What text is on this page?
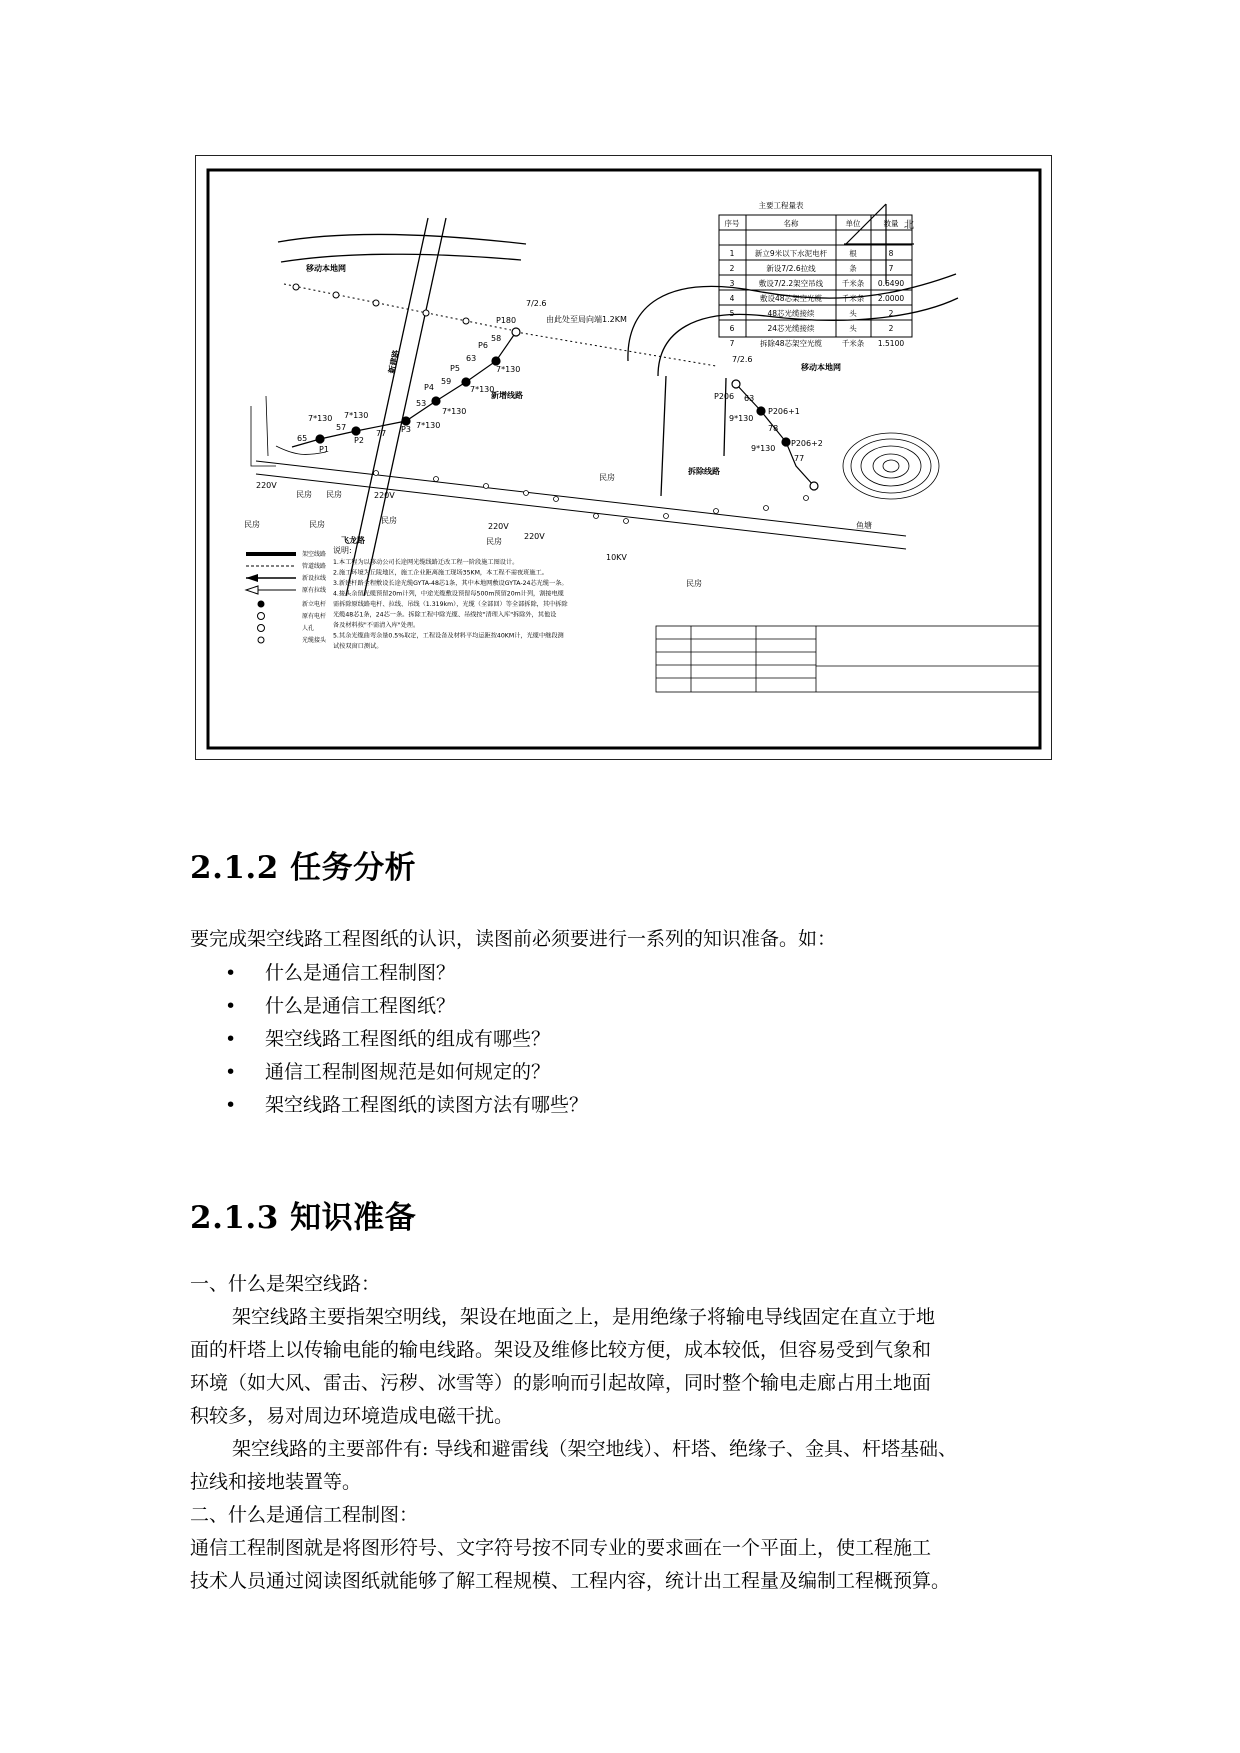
主要工程量表
序号	名称	单位	数量
1	新立9米以下水泥电杆	根	8
2	新设7/2.6拉线	条	7
3	敷设7/2.2架空吊线 千米条 0.6490
4	敷设48芯架空光缆	千米条 2.0000
5	48芯光缆接续	头	2
6	24芯光缆接续	头	2
7	拆除48芯架空光缆	千米条 1.5100
北
移动本地网
移动本地网
由此处至局向端1.2KM
P180
7/2.6
7/2.6
P6
P5
P4
P3
P2
P1
58
63
59
53
65
57
77
7*130
7*130
7*130
7*130
7*130
7*130
新增线路	P206
P206+1
P206+2
9*130
9*130
63
78
77
拆除线路
新建路
220V
220V
220V
220V
10KV
民房 民房
民房	民房	民房
民房
民房
民房
飞龙路
鱼塘
架空线路
管道线路
新设拉线
原有拉线
新立电杆
原有电杆
人孔
光缆接头
说明:
1.本工程为以移动公司长途网光缆线路迁改工程一阶段施工图设计。
2.施工环境为丘陵地区，施工企业距离施工现场35KM，本工程不需夜班施工。
3.新建杆路全程敷设长途光缆GYTA-48芯1条，其中本地网敷设GYTA-24芯光缆一条。
4.接头余留光缆预留20m计列，中途光缆敷设预留每500m预留20m计列，割接电缆
需拆除原线路电杆、拉线、吊线（1.319km），光缆（全部回）等全部拆除，其中拆除
光缆48芯1条，24芯一条。拆除工程中除光缆、吊线按"清理入库"拆除外，其他设
备及材料按"不需清入库"处理。
5.其余光缆曲弯余量0.5%取定，工程设备及材料平均运距按40KM计，光缆中继段测
试按双窗口测试。
2.1.2 任务分析

要完成架空线路工程图纸的认识，读图前必须要进行一系列的知识准备。如：

• 什么是通信工程制图？
• 什么是通信工程图纸？
• 架空线路工程图纸的组成有哪些？
• 通信工程制图规范是如何规定的？
• 架空线路工程图纸的读图方法有哪些？
2.1.3 知识准备

一、什么是架空线路：

架空线路主要指架空明线，架设在地面之上，是用绝缘子将输电导线固定在直立于地

面的杆塔上以传输电能的输电线路。架设及维修比较方便，成本较低，但容易受到气象和

环境（如大风、雷击、污秽、冰雪等）的影响而引起故障，同时整个输电走廊占用土地面

积较多，易对周边环境造成电磁干扰。

架空线路的主要部件有: 导线和避雷线（架空地线）、杆塔、绝缘子、金具、杆塔基础、

拉线和接地装置等。

二、什么是通信工程制图：

通信工程制图就是将图形符号、文字符号按不同专业的要求画在一个平面上，使工程施工

技术人员通过阅读图纸就能够了解工程规模、工程内容，统计出工程量及编制工程概预算。
